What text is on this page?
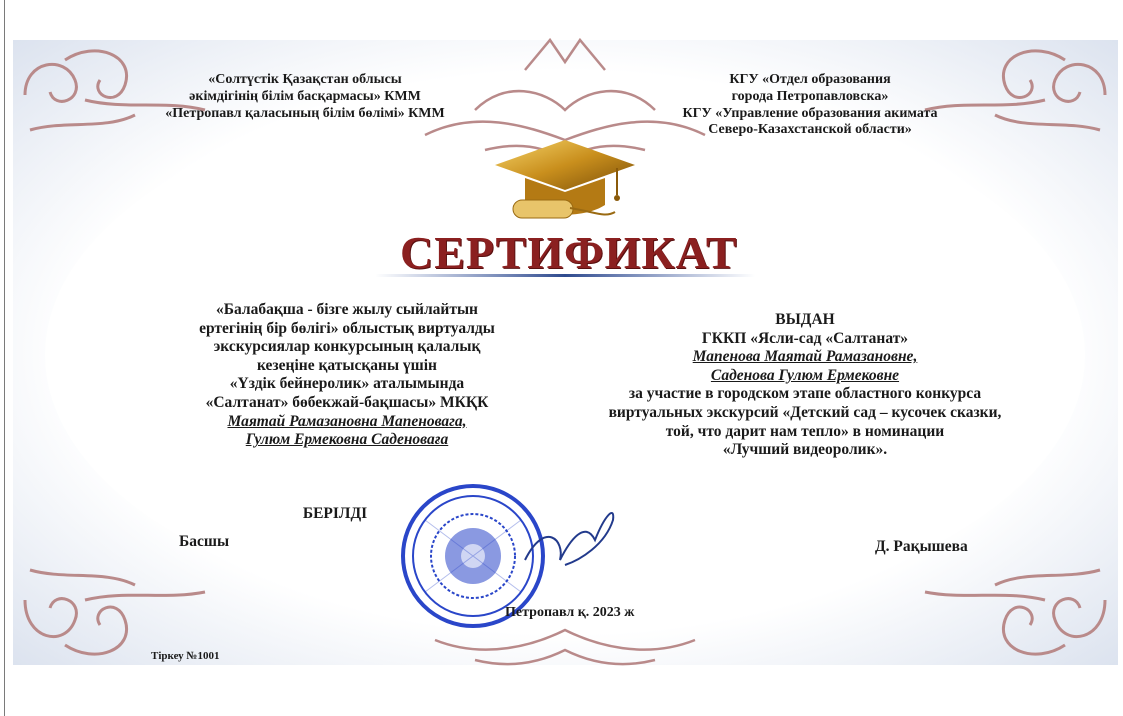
«Солтүстік Қазақстан облысы
әкімдігінің білім басқармасы» КММ
«Петропавл қаласының білім бөлімі» КММ
КГУ «Отдел образования
города Петропавловска»
КГУ «Управление образования акимата
Северо-Казахстанской области»
СЕРТИФИКАТ
«Балабақша - бізге жылу сыйлайтын
ертегінің бір бөлігі» облыстық виртуалды
экскурсиялар конкурсының қалалық
кезеңіне қатысқаны үшін
«Үздік бейнеролик» аталымында
«Салтанат» бөбекжай-бақшасы» МКҚК
Маятай Рамазановна Мапеновага,
Гулюм Ермековна Саденоваға
ВЫДАН
ГККП «Ясли-сад «Салтанат»
Мапенова Маятай Рамазановне,
Саденова Гулюм Ермековне
за участие в городском этапе областного конкурса
виртуальных экскурсий «Детский сад – кусочек сказки,
той, что дарит нам тепло» в номинации
«Лучший видеоролик».
БЕРІЛДІ
Басшы	Д. Рақышева
Петропавл қ. 2023 ж
Тіркеу №1001
